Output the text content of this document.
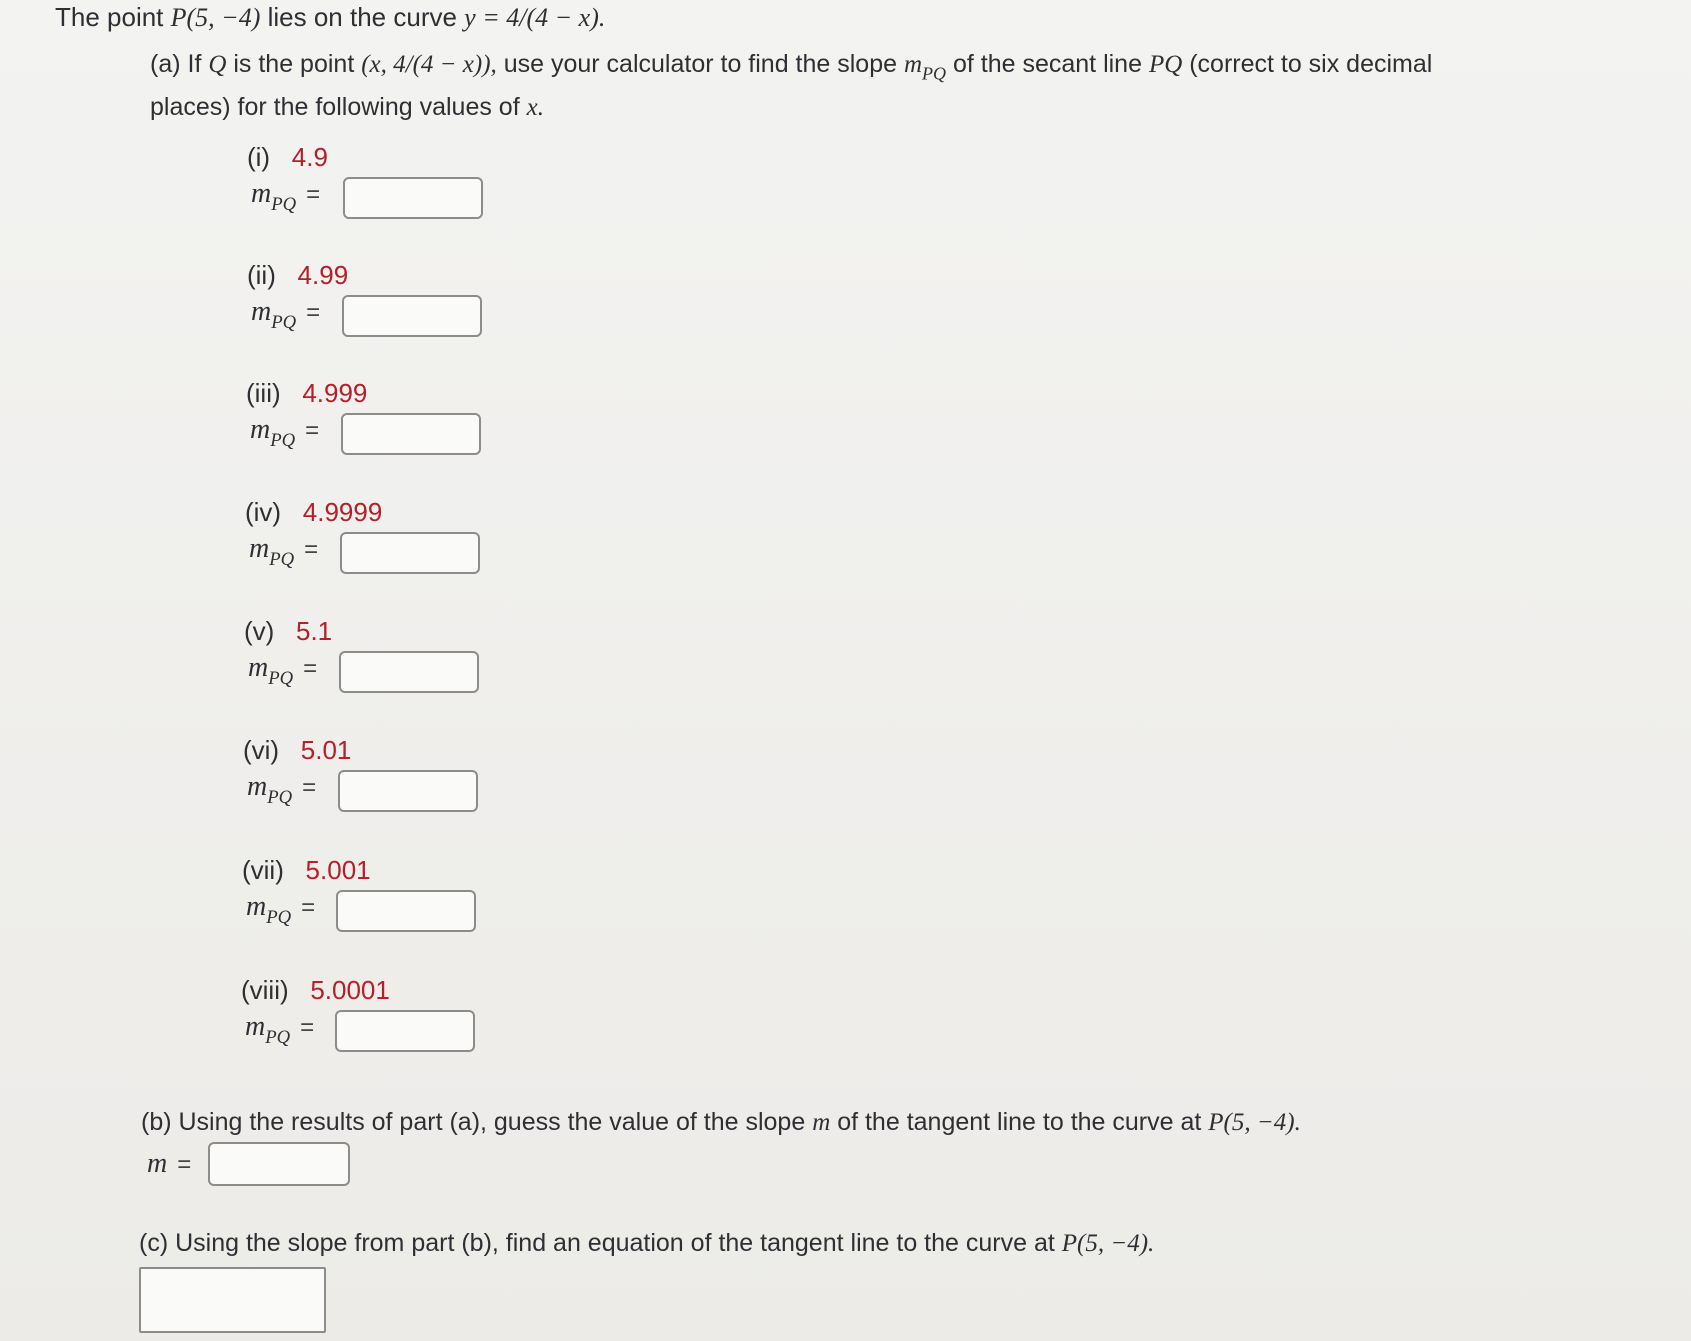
The point P(5, −4) lies on the curve y = 4/(4 − x).
(a) If Q is the point (x, 4/(4 − x)), use your calculator to find the slope $m_{PQ}$ of the secant line PQ (correct to six decimal
places) for the following values of x.
(i) 4.9
$m_{PQ}$ =
(ii) 4.99
$m_{PQ}$ =
(iii) 4.999
$m_{PQ}$ =
(iv) 4.9999
$m_{PQ}$ =
(v) 5.1
$m_{PQ}$ =
(vi) 5.01
$m_{PQ}$ =
(vii) 5.001
$m_{PQ}$ =
(viii) 5.0001
$m_{PQ}$ =
(b) Using the results of part (a), guess the value of the slope m of the tangent line to the curve at P(5, −4).
m =
(c) Using the slope from part (b), find an equation of the tangent line to the curve at P(5, −4).
